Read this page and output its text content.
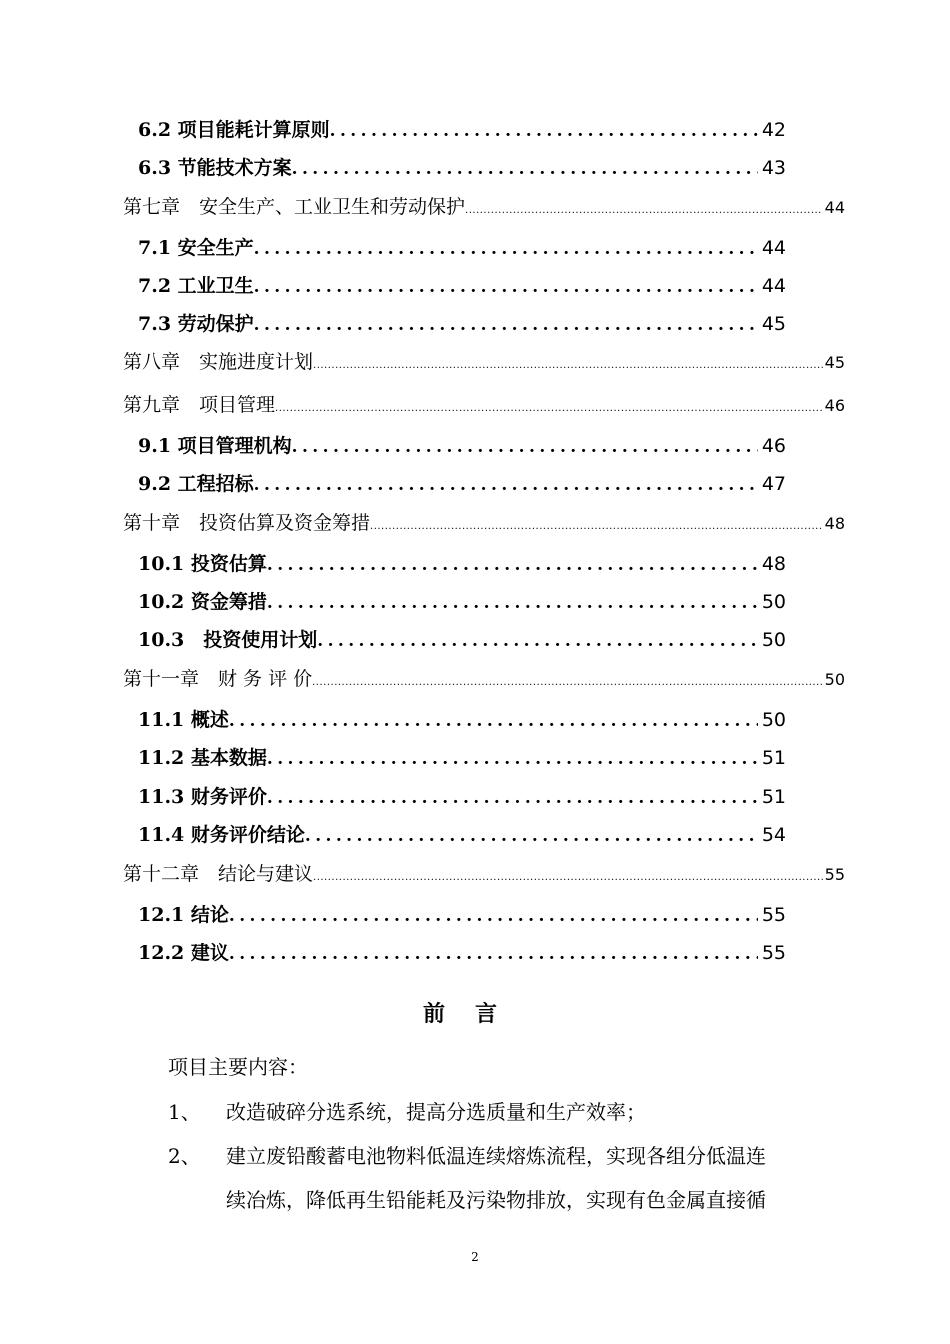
6.2 项目能耗计算原则 .....	42
6.3 节能技术方案 .....	43
第七章　安全生产、工业卫生和劳动保护 .....	44
7.1 安全生产 .....	44
7.2 工业卫生 .....	44
7.3 劳动保护 .....	45
第八章　实施进度计划 .....	45
第九章　项目管理 .....	46
9.1 项目管理机构 .....	46
9.2 工程招标 .....	47
第十章　投资估算及资金筹措 .....	48
10.1 投资估算 .....	48
10.2 资金筹措 .....	50
10.3　投资使用计划 .....	50
第十一章　财 务 评 价 .....	50
11.1 概述 .....	50
11.2 基本数据 .....	51
11.3 财务评价 .....	51
11.4 财务评价结论 .....	54
第十二章　结论与建议 .....	55
12.1 结论 .....	55
12.2 建议 .....	55
前言
项目主要内容：
1、 改造破碎分选系统，提高分选质量和生产效率；
2、 建立废铅酸蓄电池物料低温连续熔炼流程，实现各组分低温连
续冶炼，降低再生铅能耗及污染物排放，实现有色金属直接循
2
